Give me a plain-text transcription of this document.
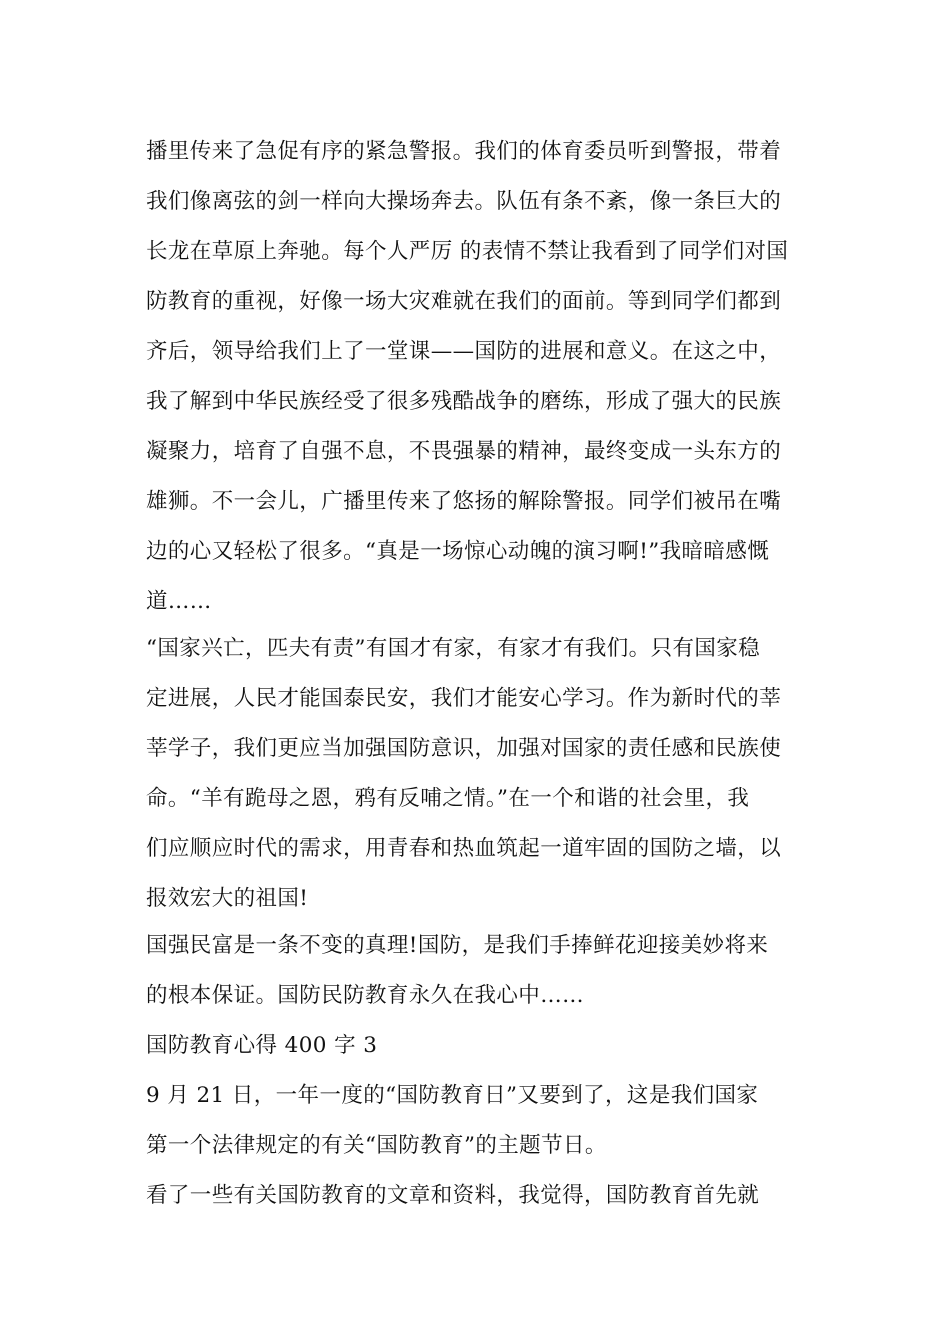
播里传来了急促有序的紧急警报。我们的体育委员听到警报，带着
我们像离弦的剑一样向大操场奔去。队伍有条不紊，像一条巨大的
长龙在草原上奔驰。每个人严厉 的表情不禁让我看到了同学们对国
防教育的重视，好像一场大灾难就在我们的面前。等到同学们都到
齐后，领导给我们上了一堂课——国防的进展和意义。在这之中，
我了解到中华民族经受了很多残酷战争的磨练，形成了强大的民族
凝聚力，培育了自强不息，不畏强暴的精神，最终变成一头东方的
雄狮。不一会儿，广播里传来了悠扬的解除警报。同学们被吊在嘴
边的心又轻松了很多。“真是一场惊心动魄的演习啊!”我暗暗感慨
道……
“国家兴亡，匹夫有责”有国才有家，有家才有我们。只有国家稳
定进展，人民才能国泰民安，我们才能安心学习。作为新时代的莘
莘学子，我们更应当加强国防意识，加强对国家的责任感和民族使
命。“羊有跪母之恩，鸦有反哺之情。”在一个和谐的社会里，我
们应顺应时代的需求，用青春和热血筑起一道牢固的国防之墙，以
报效宏大的祖国!
国强民富是一条不变的真理!国防，是我们手捧鲜花迎接美妙将来
的根本保证。国防民防教育永久在我心中……
国防教育心得 400 字 3
9 月 21 日，一年一度的“国防教育日”又要到了，这是我们国家
第一个法律规定的有关“国防教育”的主题节日。
看了一些有关国防教育的文章和资料，我觉得，国防教育首先就
